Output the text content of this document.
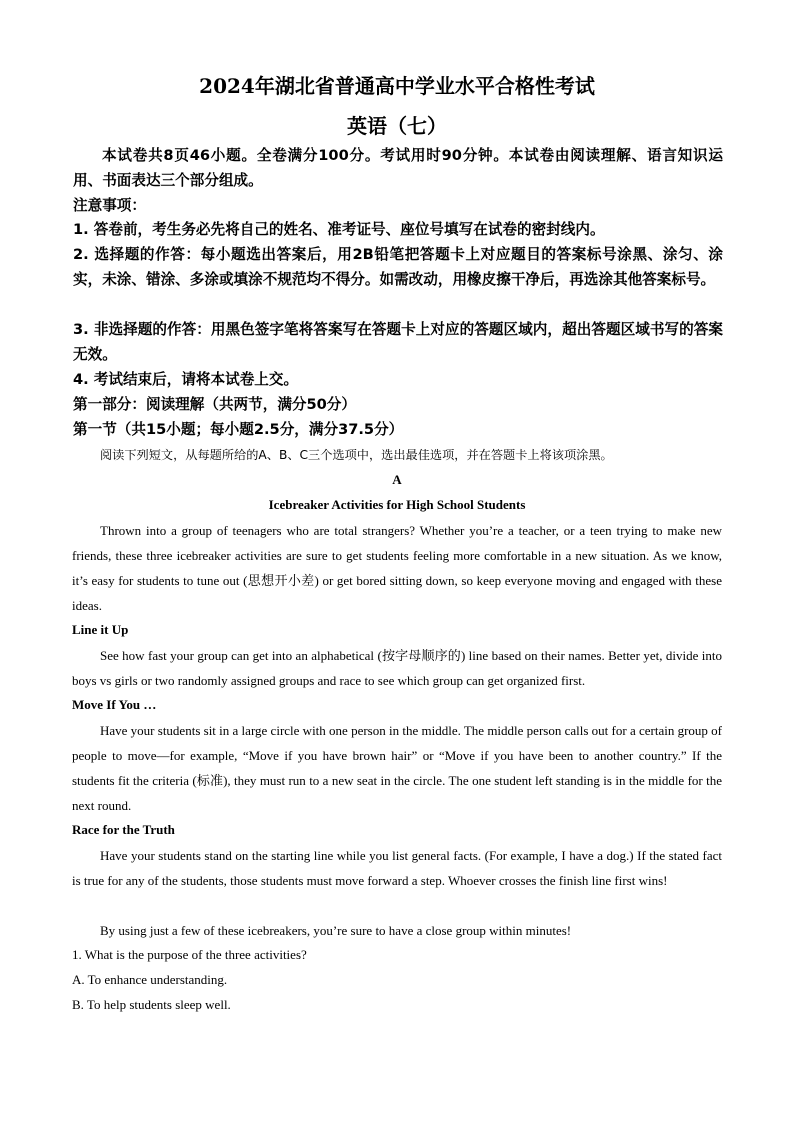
2024年湖北省普通高中学业水平合格性考试
英语（七）
本试卷共8页46小题。全卷满分100分。考试用时90分钟。本试卷由阅读理解、语言知识运用、书面表达三个部分组成。
注意事项：
1. 答卷前，考生务必先将自己的姓名、准考证号、座位号填写在试卷的密封线内。
2. 选择题的作答：每小题选出答案后，用2B铅笔把答题卡上对应题目的答案标号涂黑、涂匀、涂实，未涂、错涂、多涂或填涂不规范均不得分。如需改动，用橡皮擦干净后，再选涂其他答案标号。
3. 非选择题的作答：用黑色签字笔将答案写在答题卡上对应的答题区域内，超出答题区域书写的答案无效。
4. 考试结束后，请将本试卷上交。
第一部分：阅读理解（共两节，满分50分）
第一节（共15小题；每小题2.5分，满分37.5分）
阅读下列短文，从每题所给的A、B、C三个选项中，选出最佳选项，并在答题卡上将该项涂黑。
A
Icebreaker Activities for High School Students
Thrown into a group of teenagers who are total strangers? Whether you’re a teacher, or a teen trying to make new friends, these three icebreaker activities are sure to get students feeling more comfortable in a new situation. As we know, it’s easy for students to tune out (思想开小差) or get bored sitting down, so keep everyone moving and engaged with these ideas.
Line it Up
See how fast your group can get into an alphabetical (按字母顺序的) line based on their names. Better yet, divide into boys vs girls or two randomly assigned groups and race to see which group can get organized first.
Move If You …
Have your students sit in a large circle with one person in the middle. The middle person calls out for a certain group of people to move—for example, “Move if you have brown hair” or “Move if you have been to another country.” If the students fit the criteria (标准), they must run to a new seat in the circle. The one student left standing is in the middle for the next round.
Race for the Truth
Have your students stand on the starting line while you list general facts. (For example, I have a dog.) If the stated fact is true for any of the students, those students must move forward a step. Whoever crosses the finish line first wins!
By using just a few of these icebreakers, you’re sure to have a close group within minutes!
1. What is the purpose of the three activities?
A. To enhance understanding.
B. To help students sleep well.
